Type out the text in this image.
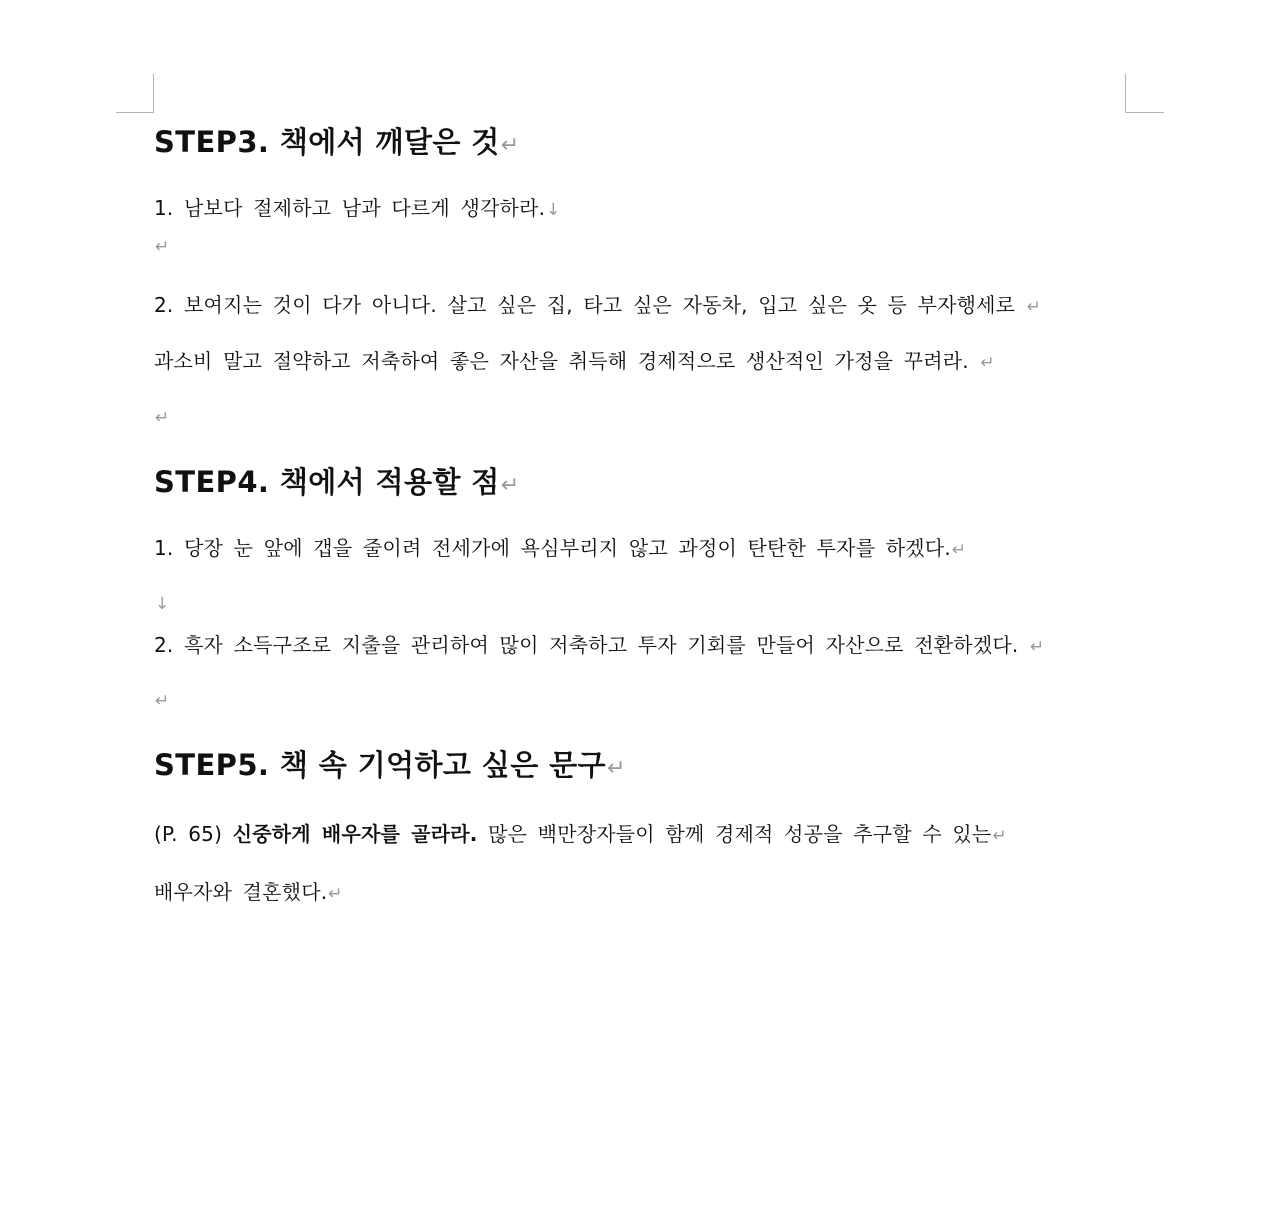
STEP3. 책에서 깨달은 것↵
1. 남보다 절제하고 남과 다르게 생각하라.↓
↵
2. 보여지는 것이 다가 아니다. 살고 싶은 집, 타고 싶은 자동차, 입고 싶은 옷 등 부자행세로 ↵
과소비 말고 절약하고 저축하여 좋은 자산을 취득해 경제적으로 생산적인 가정을 꾸려라. ↵
↵
STEP4. 책에서 적용할 점↵
1. 당장 눈 앞에 갭을 줄이려 전세가에 욕심부리지 않고 과정이 탄탄한 투자를 하겠다.↵
↓
2. 흑자 소득구조로 지출을 관리하여 많이 저축하고 투자 기회를 만들어 자산으로 전환하겠다. ↵
↵
STEP5. 책 속 기억하고 싶은 문구↵
(P. 65) 신중하게 배우자를 골라라. 많은 백만장자들이 함께 경제적 성공을 추구할 수 있는↵
배우자와 결혼했다.↵
